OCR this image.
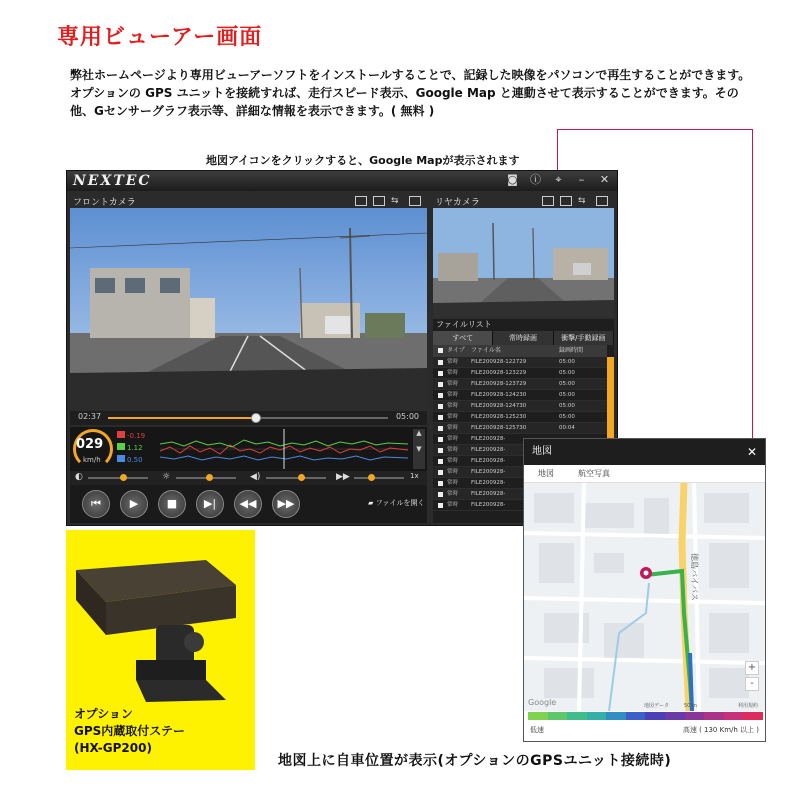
専用ビューアー画面
弊社ホームページより専用ビューアーソフトをインストールすることで、記録した映像をパソコンで再生することができます。オプションの GPS ユニットを接続すれば、走行スピード表示、Google Map と連動させて表示することができます。その他、Gセンサーグラフ表示等、詳細な情報を表示できます。( 無料 )
地図アイコンをクリックすると、Google Mapが表示されます
NEXTEC	◙ ⓘ	⌖	–	✕
フロントカメラ	⇆	リヤカメラ	⇆
02:37	05:00
029
km/h
-0.19
1.12
0.50
▲

▼
◐	☼	◀)	▶▶	1x
⏮	▶	■	▶|	◀◀	▶▶	▰ ファイルを開く
ファイルリスト
すべて	常時録画	衝撃/手動録画
タイプ	ファイル名	録画時間
常時	FILE200928-122729	05:00
常時	FILE200928-123229	05:00
常時	FILE200928-123729	05:00
常時	FILE200928-124230	05:00
常時	FILE200928-124730	05:00
常時	FILE200928-125230	05:00
常時	FILE200928-125730	00:04
常時	FILE200928-
常時	FILE200928-
常時	FILE200928-
常時	FILE200928-
常時	FILE200928-
常時	FILE200928-
常時	FILE200928-
地図	✕
地図	航空写真
徳島バイパス
Google	地図データ	50 m	利用規約
+
-
低速	高速 ( 130 Km/h 以上 )
オプション
GPS内蔵取付ステー
(HX-GP200)
地図上に自車位置が表示(オプションのGPSユニット接続時)
